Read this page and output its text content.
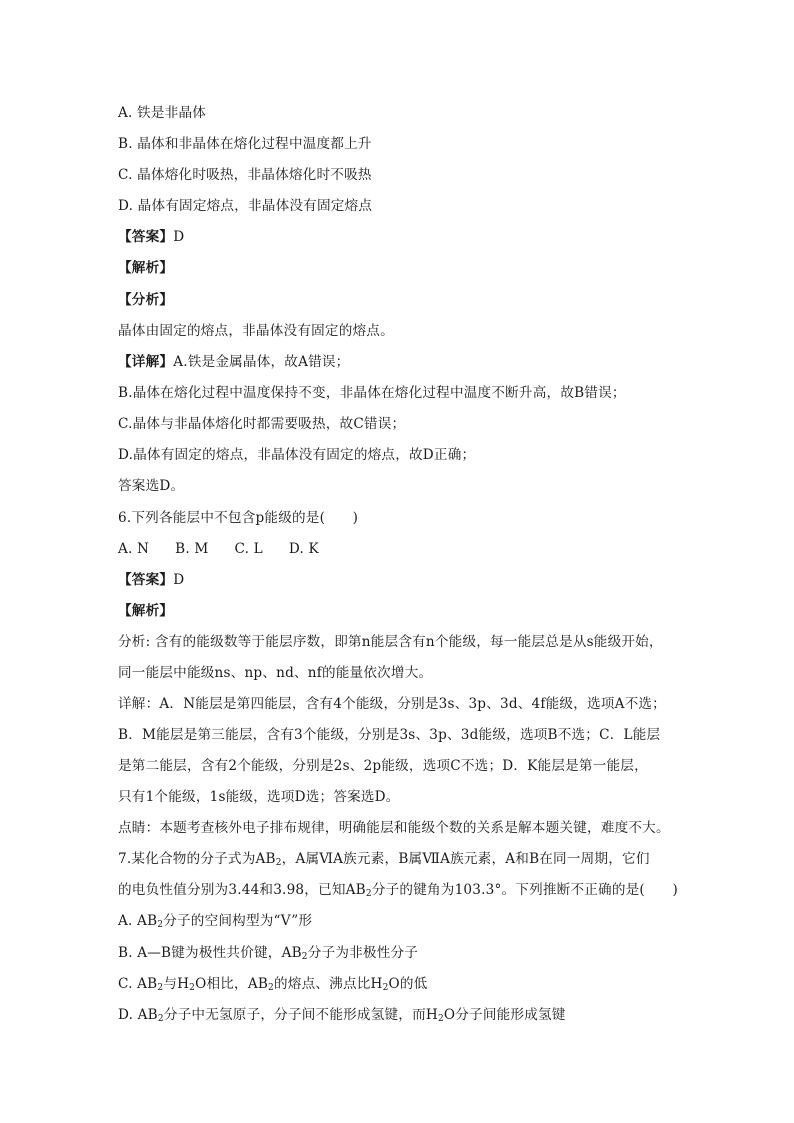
A. 铁是非晶体
B. 晶体和非晶体在熔化过程中温度都上升
C. 晶体熔化时吸热，非晶体熔化时不吸热
D. 晶体有固定熔点，非晶体没有固定熔点
【答案】D
【解析】
【分析】
晶体由固定的熔点，非晶体没有固定的熔点。
【详解】A.铁是金属晶体，故A错误；
B.晶体在熔化过程中温度保持不变，非晶体在熔化过程中温度不断升高，故B错误；
C.晶体与非晶体熔化时都需要吸热，故C错误；
D.晶体有固定的熔点，非晶体没有固定的熔点，故D正确；
答案选D。
6.下列各能层中不包含p能级的是(　　)
A. N B. M C. L D. K
【答案】D
【解析】
分析: 含有的能级数等于能层序数，即第n能层含有n个能级，每一能层总是从s能级开始，
同一能层中能级ns、np、nd、nf的能量依次增大。
详解：A．N能层是第四能层，含有4个能级，分别是3s、3p、3d、4f能级，选项A不选；
B．M能层是第三能层，含有3个能级，分别是3s、3p、3d能级，选项B不选；C．L能层
是第二能层，含有2个能级，分别是2s、2p能级，选项C不选；D．K能层是第一能层，
只有1个能级，1s能级，选项D选；答案选D。
点睛：本题考查核外电子排布规律，明确能层和能级个数的关系是解本题关键，难度不大。
7.某化合物的分子式为$AB_2$，A属ⅥA族元素，B属ⅦA族元素，A和B在同一周期，它们
的电负性值分别为3.44和3.98，已知$AB_2$分子的键角为103.3°。下列推断不正确的是(　　)
A. $AB_2$分子的空间构型为“V”形
B. A—B键为极性共价键，$AB_2$分子为非极性分子
C. $AB_2$与$H_2O$相比，$AB_2$的熔点、沸点比$H_2O$的低
D. $AB_2$分子中无氢原子，分子间不能形成氢键，而$H_2O$分子间能形成氢键
